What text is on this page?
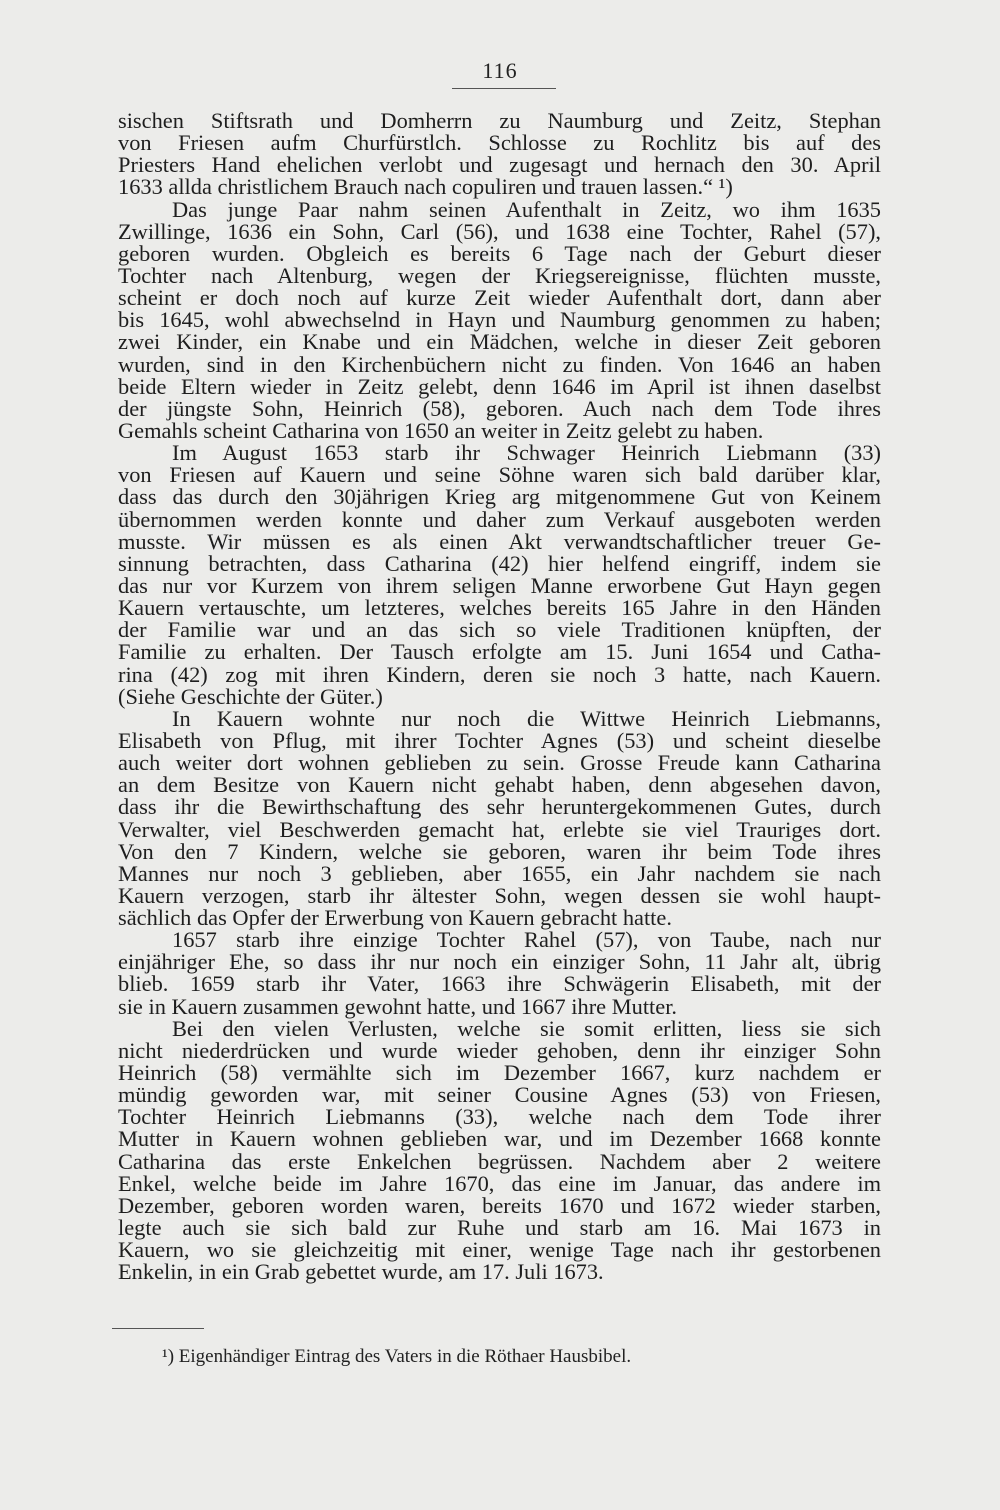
116
sischen Stiftsrath und Domherrn zu Naumburg und Zeitz, Stephan
von Friesen aufm Churfürstlch. Schlosse zu Rochlitz bis auf des
Priesters Hand ehelichen verlobt und zugesagt und hernach den 30. April
1633 allda christlichem Brauch nach copuliren und trauen lassen.“ ¹)
Das junge Paar nahm seinen Aufenthalt in Zeitz, wo ihm 1635
Zwillinge, 1636 ein Sohn, Carl (56), und 1638 eine Tochter, Rahel (57),
geboren wurden. Obgleich es bereits 6 Tage nach der Geburt dieser
Tochter nach Altenburg, wegen der Kriegsereignisse, flüchten musste,
scheint er doch noch auf kurze Zeit wieder Aufenthalt dort, dann aber
bis 1645, wohl abwechselnd in Hayn und Naumburg genommen zu haben;
zwei Kinder, ein Knabe und ein Mädchen, welche in dieser Zeit geboren
wurden, sind in den Kirchenbüchern nicht zu finden. Von 1646 an haben
beide Eltern wieder in Zeitz gelebt, denn 1646 im April ist ihnen daselbst
der jüngste Sohn, Heinrich (58), geboren. Auch nach dem Tode ihres
Gemahls scheint Catharina von 1650 an weiter in Zeitz gelebt zu haben.
Im August 1653 starb ihr Schwager Heinrich Liebmann (33)
von Friesen auf Kauern und seine Söhne waren sich bald darüber klar,
dass das durch den 30jährigen Krieg arg mitgenommene Gut von Keinem
übernommen werden konnte und daher zum Verkauf ausgeboten werden
musste. Wir müssen es als einen Akt verwandtschaftlicher treuer Ge-
sinnung betrachten, dass Catharina (42) hier helfend eingriff, indem sie
das nur vor Kurzem von ihrem seligen Manne erworbene Gut Hayn gegen
Kauern vertauschte, um letzteres, welches bereits 165 Jahre in den Händen
der Familie war und an das sich so viele Traditionen knüpften, der
Familie zu erhalten. Der Tausch erfolgte am 15. Juni 1654 und Catha-
rina (42) zog mit ihren Kindern, deren sie noch 3 hatte, nach Kauern.
(Siehe Geschichte der Güter.)
In Kauern wohnte nur noch die Wittwe Heinrich Liebmanns,
Elisabeth von Pflug, mit ihrer Tochter Agnes (53) und scheint dieselbe
auch weiter dort wohnen geblieben zu sein. Grosse Freude kann Catharina
an dem Besitze von Kauern nicht gehabt haben, denn abgesehen davon,
dass ihr die Bewirthschaftung des sehr heruntergekommenen Gutes, durch
Verwalter, viel Beschwerden gemacht hat, erlebte sie viel Trauriges dort.
Von den 7 Kindern, welche sie geboren, waren ihr beim Tode ihres
Mannes nur noch 3 geblieben, aber 1655, ein Jahr nachdem sie nach
Kauern verzogen, starb ihr ältester Sohn, wegen dessen sie wohl haupt-
sächlich das Opfer der Erwerbung von Kauern gebracht hatte.
1657 starb ihre einzige Tochter Rahel (57), von Taube, nach nur
einjähriger Ehe, so dass ihr nur noch ein einziger Sohn, 11 Jahr alt, übrig
blieb. 1659 starb ihr Vater, 1663 ihre Schwägerin Elisabeth, mit der
sie in Kauern zusammen gewohnt hatte, und 1667 ihre Mutter.
Bei den vielen Verlusten, welche sie somit erlitten, liess sie sich
nicht niederdrücken und wurde wieder gehoben, denn ihr einziger Sohn
Heinrich (58) vermählte sich im Dezember 1667, kurz nachdem er
mündig geworden war, mit seiner Cousine Agnes (53) von Friesen,
Tochter Heinrich Liebmanns (33), welche nach dem Tode ihrer
Mutter in Kauern wohnen geblieben war, und im Dezember 1668 konnte
Catharina das erste Enkelchen begrüssen. Nachdem aber 2 weitere
Enkel, welche beide im Jahre 1670, das eine im Januar, das andere im
Dezember, geboren worden waren, bereits 1670 und 1672 wieder starben,
legte auch sie sich bald zur Ruhe und starb am 16. Mai 1673 in
Kauern, wo sie gleichzeitig mit einer, wenige Tage nach ihr gestorbenen
Enkelin, in ein Grab gebettet wurde, am 17. Juli 1673.
¹) Eigenhändiger Eintrag des Vaters in die Röthaer Hausbibel.
